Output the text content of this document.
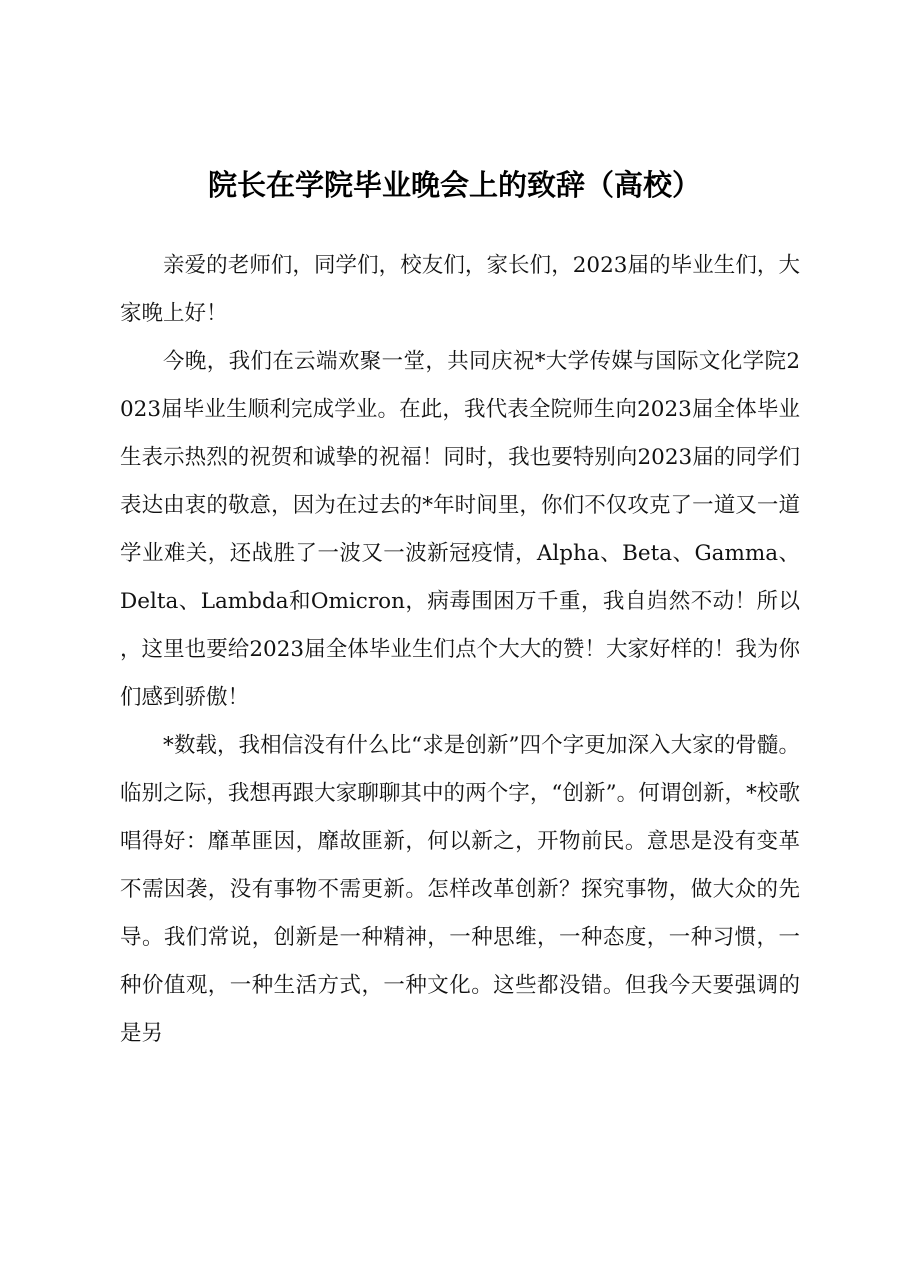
院长在学院毕业晚会上的致辞（高校）

亲爱的老师们，同学们，校友们，家长们，2023届的毕业生们，大家晚上好！

今晚，我们在云端欢聚一堂，共同庆祝*大学传媒与国际文化学院2023届毕业生顺利完成学业。在此，我代表全院师生向2023届全体毕业生表示热烈的祝贺和诚挚的祝福！同时，我也要特别向2023届的同学们表达由衷的敬意，因为在过去的*年时间里，你们不仅攻克了一道又一道学业难关，还战胜了一波又一波新冠疫情，Alpha、Beta、Gamma、Delta、Lambda和Omicron，病毒围困万千重，我自岿然不动！所以，这里也要给2023届全体毕业生们点个大大的赞！大家好样的！我为你们感到骄傲！

*数载，我相信没有什么比“求是创新”四个字更加深入大家的骨髓。临别之际，我想再跟大家聊聊其中的两个字，“创新”。何谓创新，*校歌唱得好：靡革匪因，靡故匪新，何以新之，开物前民。意思是没有变革不需因袭，没有事物不需更新。怎样改革创新？探究事物，做大众的先导。我们常说，创新是一种精神，一种思维，一种态度，一种习惯，一种价值观，一种生活方式，一种文化。这些都没错。但我今天要强调的是另
